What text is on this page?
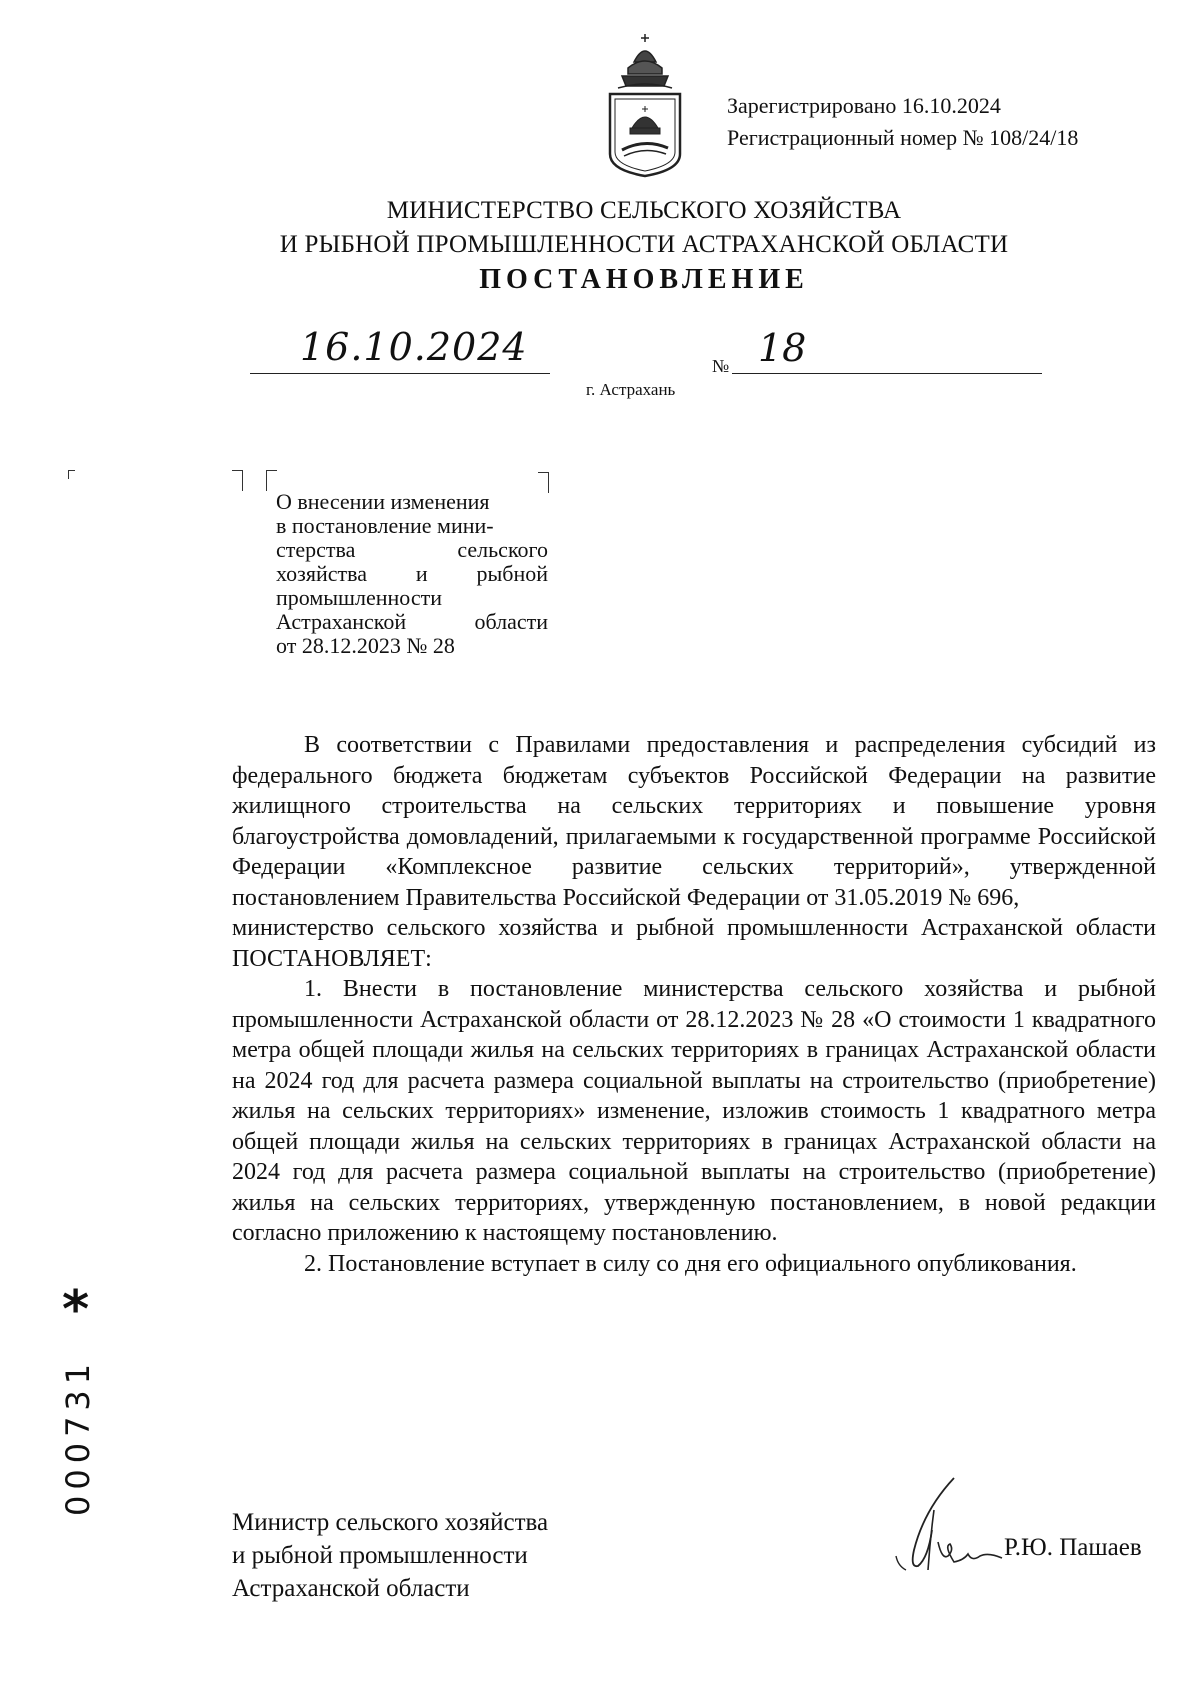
Зарегистрировано 16.10.2024
Регистрационный номер № 108/24/18
МИНИСТЕРСТВО СЕЛЬСКОГО ХОЗЯЙСТВА
И РЫБНОЙ ПРОМЫШЛЕННОСТИ АСТРАХАНСКОЙ ОБЛАСТИ
ПОСТАНОВЛЕНИЕ
16.10.2024	№ 18
г. Астрахань

О внесении изменения

в постановление мини-

стерства сельского

хозяйства и рыбной

промышленности

Астраханской области

от 28.12.2023 № 28

В соответствии с Правилами предоставления и распределения субсидий из федерального бюджета бюджетам субъектов Российской Федерации на развитие жилищного строительства на сельских территориях и повышение уровня благоустройства домовладений, прилагаемыми к государственной программе Российской Федерации «Комплексное развитие сельских территорий», утвержденной постановлением Правительства Российской Федерации от 31.05.2019 № 696,

министерство сельского хозяйства и рыбной промышленности Астраханской области ПОСТАНОВЛЯЕТ:

1. Внести в постановление министерства сельского хозяйства и рыбной промышленности Астраханской области от 28.12.2023 № 28 «О стоимости 1 квадратного метра общей площади жилья на сельских территориях в границах Астраханской области на 2024 год для расчета размера социальной выплаты на строительство (приобретение) жилья на сельских территориях» изменение, изложив стоимость 1 квадратного метра общей площади жилья на сельских территориях в границах Астраханской области на 2024 год для расчета размера социальной выплаты на строительство (приобретение) жилья на сельских территориях, утвержденную постановлением, в новой редакции согласно приложению к настоящему постановлению.

2. Постановление вступает в силу со дня его официального опубликования.

*
000731
Министр сельского хозяйства
и рыбной промышленности
Астраханской области
Р.Ю. Пашаев
